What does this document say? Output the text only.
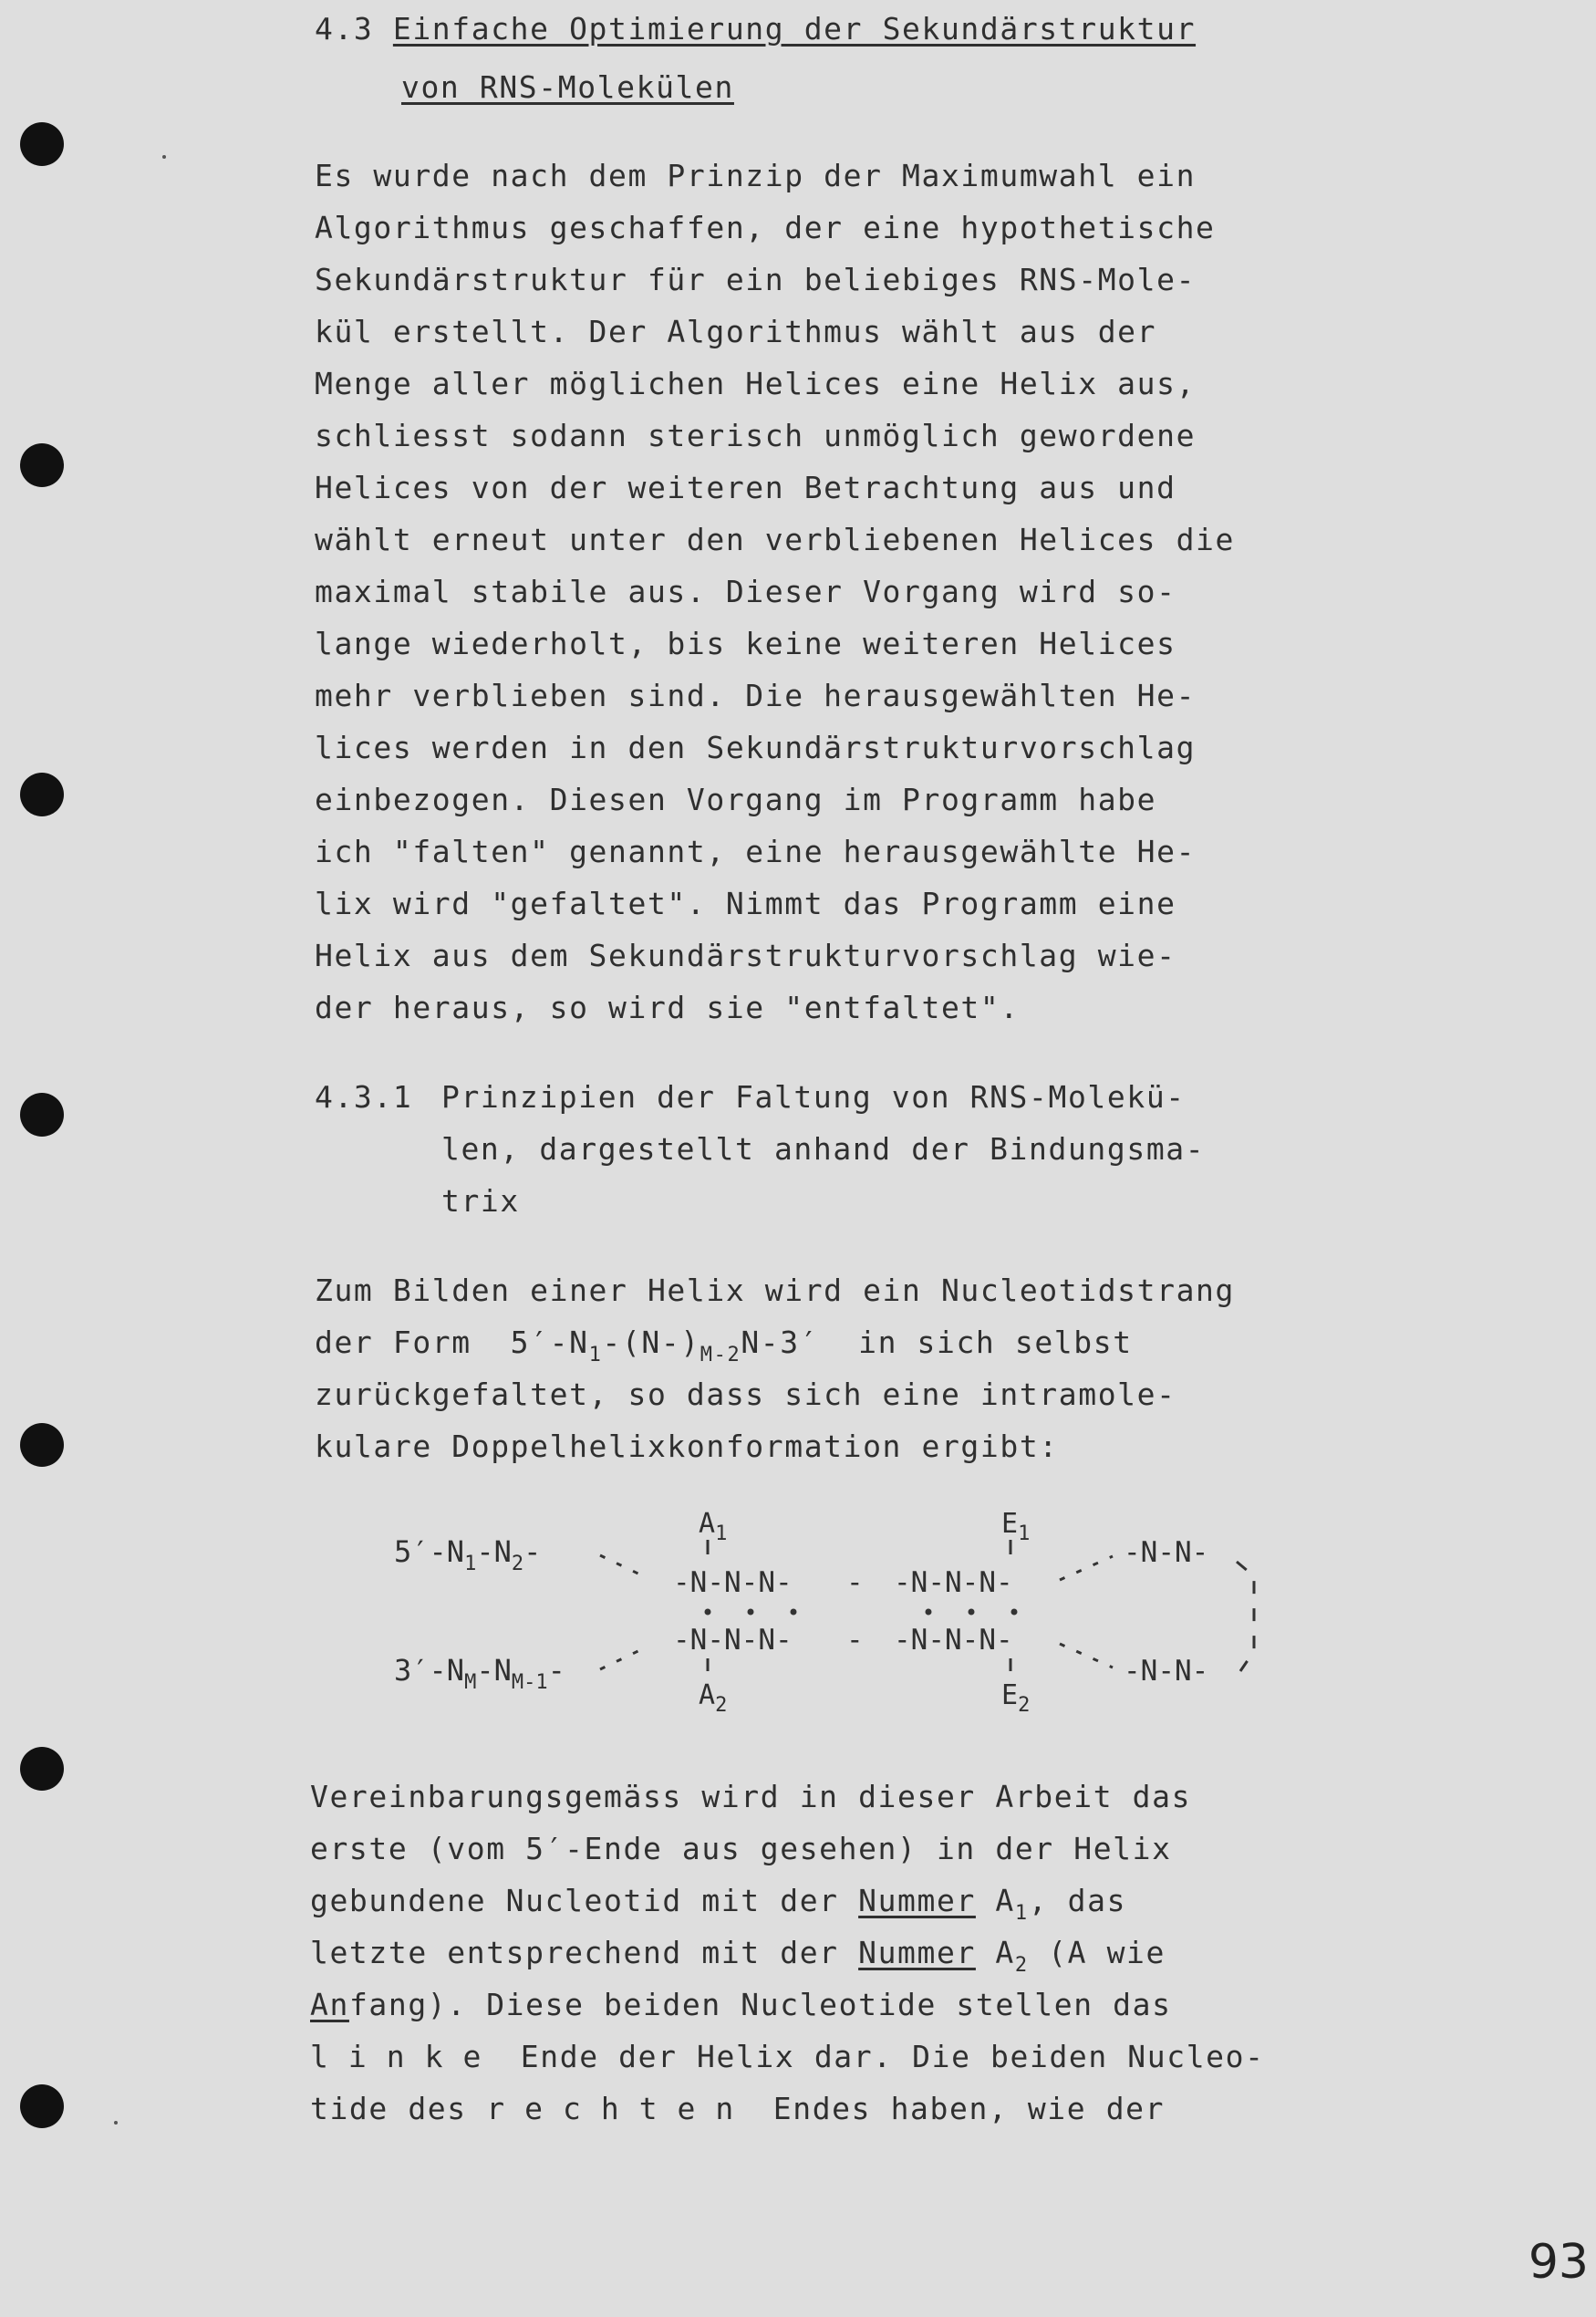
4.3 Einfache Optimierung der Sekundärstruktur

von RNS-Molekülen

Es wurde nach dem Prinzip der Maximumwahl ein

Algorithmus geschaffen, der eine hypothetische

Sekundärstruktur für ein beliebiges RNS-Mole-

kül erstellt. Der Algorithmus wählt aus der

Menge aller möglichen Helices eine Helix aus,

schliesst sodann sterisch unmöglich gewordene

Helices von der weiteren Betrachtung aus und

wählt erneut unter den verbliebenen Helices die

maximal stabile aus. Dieser Vorgang wird so-

lange wiederholt, bis keine weiteren Helices

mehr verblieben sind. Die herausgewählten He-

lices werden in den Sekundärstrukturvorschlag

einbezogen. Diesen Vorgang im Programm habe

ich "falten" genannt, eine herausgewählte He-

lix wird "gefaltet". Nimmt das Programm eine

Helix aus dem Sekundärstrukturvorschlag wie-

der heraus, so wird sie "entfaltet".

4.3.1 Prinzipien der Faltung von RNS-Molekü-

len, dargestellt anhand der Bindungsma-

trix

Zum Bilden einer Helix wird ein Nucleotidstrang

der Form  $5'-N_1-(N-)_{M-2}N-3'$  in sich selbst

zurückgefaltet, so dass sich eine intramole-

kulare Doppelhelixkonformation ergibt:

$5'-N_1-N_2-$
$3'-N_M-N_{M-1}-$
$A_1$
$A_2$
-N-N-N-
-N-N-N-
-
-
-N-N-N-
-N-N-N-
$E_1$
$E_2$
-N-N-
-N-N-

Vereinbarungsgemäss wird in dieser Arbeit das

erste (vom 5′-Ende aus gesehen) in der Helix

gebundene Nucleotid mit der Nummer $A_1$, das

letzte entsprechend mit der Nummer $A_2$ (A wie

Anfang). Diese beiden Nucleotide stellen das

linke Ende der Helix dar. Die beiden Nucleo-

tide des rechten Endes haben, wie der

93
